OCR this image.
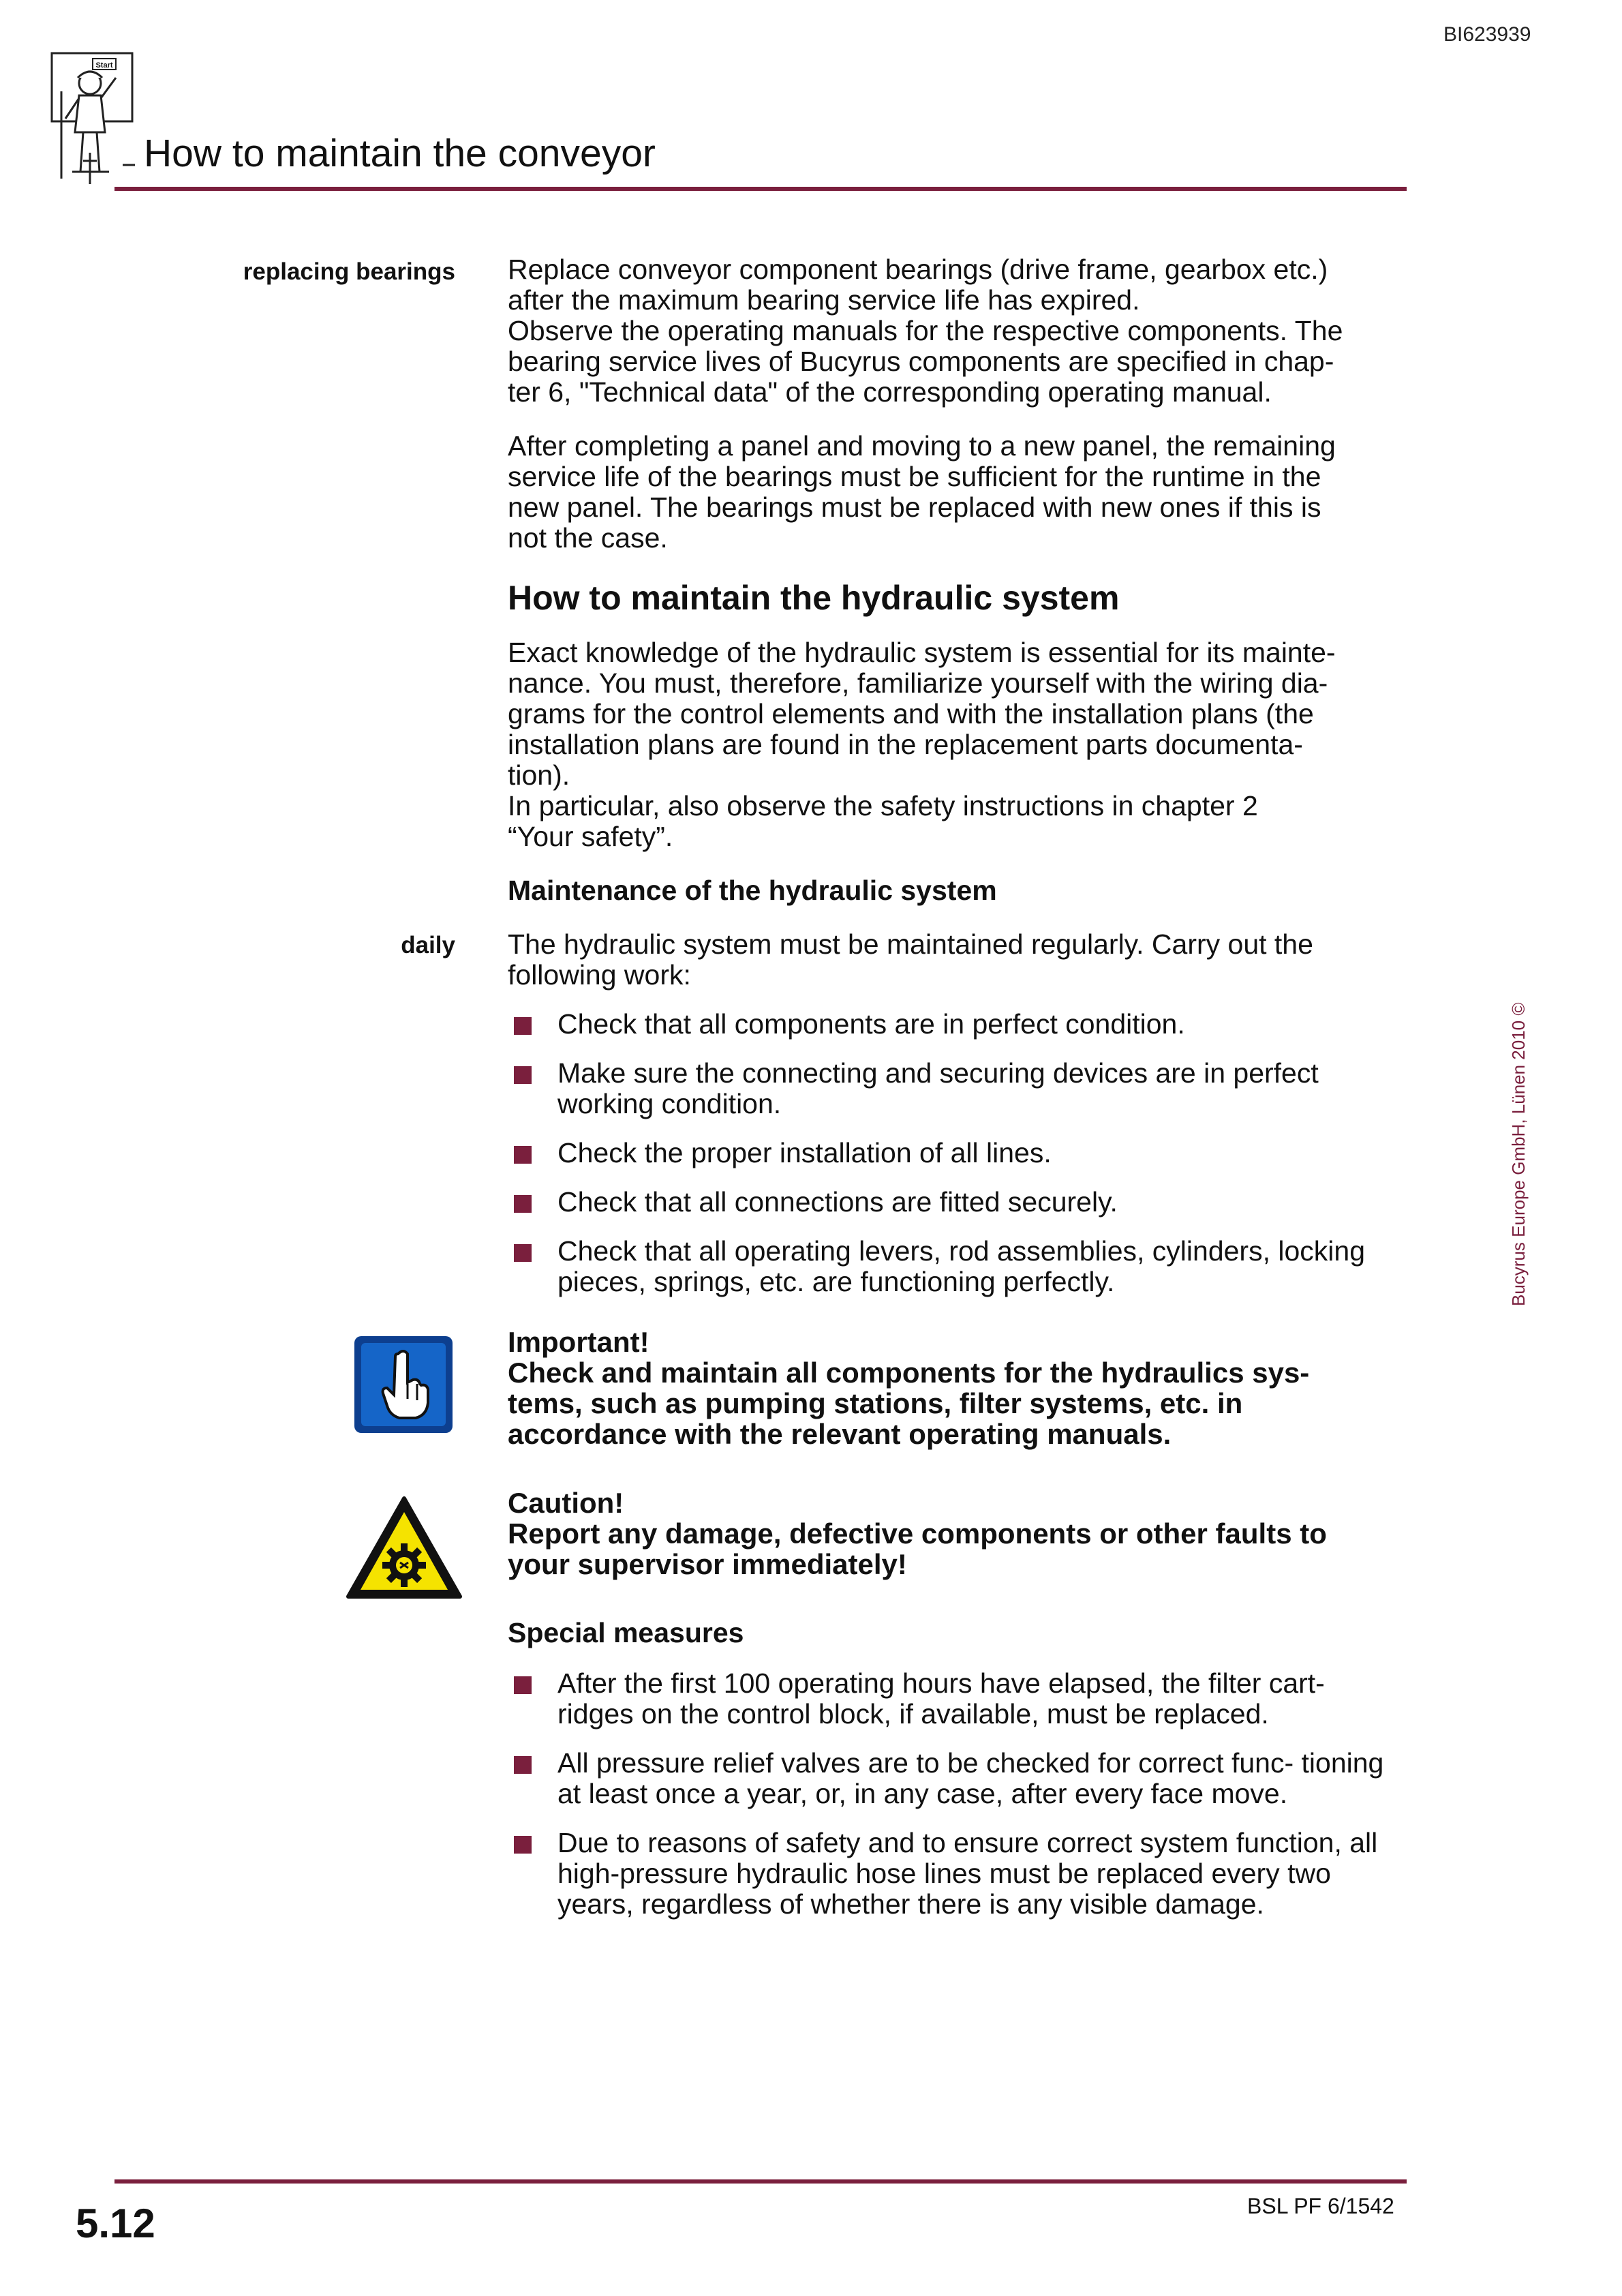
BI623939
Start
How to maintain the conveyor
replacing bearings Replace conveyor component bearings (drive frame, gearbox etc.)

after the maximum bearing service life has expired.

Observe the operating manuals for the respective components. The

bearing service lives of Bucyrus components are specified in chap-

ter 6, "Technical data" of the corresponding operating manual.

After completing a panel and moving to a new panel, the remaining

service life of the bearings must be sufficient for the runtime in the

new panel. The bearings must be replaced with new ones if this is

not the case.

How to maintain the hydraulic system

Exact knowledge of the hydraulic system is essential for its mainte-

nance. You must, therefore, familiarize yourself with the wiring dia-

grams for the control elements and with the installation plans (the

installation plans are found in the replacement parts documenta-

tion).

In particular, also observe the safety instructions in chapter 2

“Your safety”.

Maintenance of the hydraulic system
daily The hydraulic system must be maintained regularly. Carry out the

following work:

Check that all components are in perfect condition.
Make sure the connecting and securing devices are in perfect working condition.
Check the proper installation of all lines.
Check that all connections are fitted securely.
Check that all operating levers, rod assemblies, cylinders, locking pieces, springs, etc. are functioning perfectly.

Important!

Check and maintain all components for the hydraulics sys-

tems, such as pumping stations, filter systems, etc. in

accordance with the relevant operating manuals.

Caution!

Report any damage, defective components or other faults to

your supervisor immediately!

Special measures
After the first 100 operating hours have elapsed, the filter cart- ridges on the control block, if available, must be replaced.
All pressure relief valves are to be checked for correct func- tioning at least once a year, or, in any case, after every face move.
Due to reasons of safety and to ensure correct system function, all high-pressure hydraulic hose lines must be replaced every two years, regardless of whether there is any visible damage.
Bucyrus Europe GmbH, Lünen 2010 ©
5.12	BSL PF 6/1542
